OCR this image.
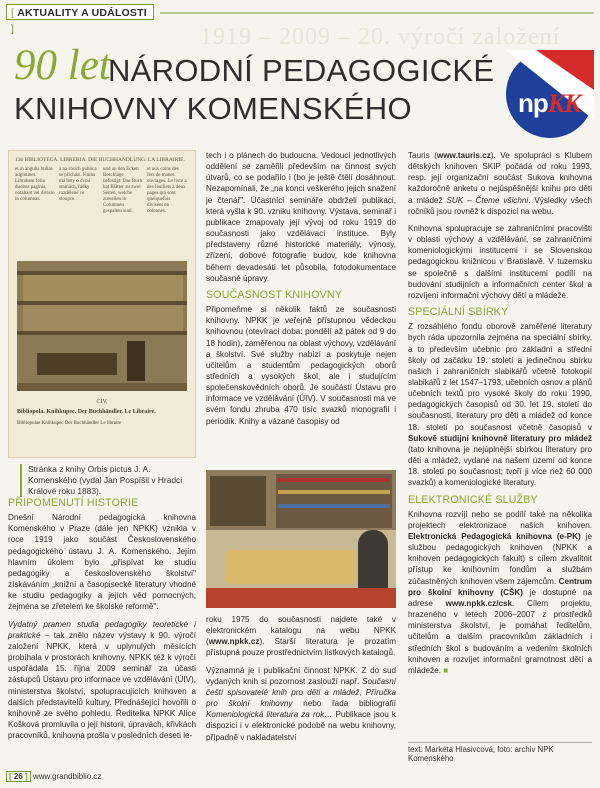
[ AKTUALITY A UDÁLOSTI ]	1919 – 2009 – 20. výročí založení
90 let
NÁRODNÍ PEDAGOGICKÉ
KNIHOVNY KOMENSKÉHO	npKK
136 BIBLIOTECA. LIBRERIA. DIE BUCHHANDLUNG. LA LIBRAIRIE.
et in angulis bullas adglutinet. Librabant folia duobus paginis, notabant vel divisio in columnas.
a na rosich publica se přichází. Kniha má listy o dvou stranách, řádky rozdělené ve sloupce.
und an den Ecken Beschläge befestigt. Das Buch hat Blätter zu zwei Seiten, welche zuweilen in Columnen gespalten sind.
et aux coins des fers de manes ouvrages. Le livre a des feuillets à deux pages qui sont quelquefois divisées en colonnes.
CIV.
Bibliopola. Knihkupec. Der Buchhändler. Le Libraire.
Bibliopolae Knihkupec Der Buchhändler Le libraire
Stránka z knihy Orbis pictus J. A. Komenského (vydal Jan Pospíšil v Hradci Králové roku 1883).
PŘIPOMENUTÍ HISTORIE

Dnešní Národní pedagogická knihovna Komenského v Praze (dále jen NPKK) vznikla v roce 1919 jako součást Československého pedagogického ústavu J. A. Komenského. Jejím hlavním úkolem bylo „přispívat ke studiu pedagogiky a československého školství" získáváním „knižní a časopisecké literatury vhodné ke studiu pedagogiky a jejích věd pomocných, zejména se zřetelem ke školské reformě".

Vydatný pramen studia pedagogiky teoretické i praktické – tak znělo název výstavy k 90. výročí založení NPKK, která v uplynulých měsících probíhala v prostorách knihovny. NPKK též k výročí uspořádala 15. října 2009 seminář za účasti zástupců Ústavu pro informace ve vzdělávání (ÚIV), ministerstva školství, spolupracujících knihoven a dalších představitelů kultury. Přednášející hovořili o knihovně ze svého pohledu. Ředitelka NPKK Alice Košková promluvila o její historii, úpravách, křivkách pracovníků, knihovna prošla v posledních deseti le-

tech i o plánech do budoucna. Vedoucí jednotlivých oddělení se zaměřili především na činnost svých útvarů, co se podařilo i (bo je ještě čtělí dosáhnout. Nezapomínali, že „na konci veškerého jejich snažení je čtenář". Účastníci semináře obdrželi publikaci, která vyšla k 90. vzniku knihovny. Výstava, seminář i publikace zmapovaly její vývoj od roku 1919 do současnosti jako vzdělávací instituce. Byly představeny různé historické materiály, výnosy, zřízení, dobové fotografie budov, kde knihovna během devadesáti let působila, fotodokumentace současné úpravy.

SOUČASNOST KNIHOVNY

Připomeňme si několik faktů ze současnosti knihovny. NPKK je veřejně přístupnou vědeckou knihovnou (otevírací doba: pondělí až pátek od 9 do 18 hodin), zaměřenou na oblast výchovy, vzdělávání a školství. Své služby nabízí a poskytuje nejen učitelům a studentům pedagogických oborů středních a vysokých škol, ale i studujícím společenskovědních oborů. Je součástí Ústavu pro informace ve vzdělávání (ÚIV). V současnosti má ve svém fondu zhruba 470 tisíc svazků monografií i periodik. Knihy a vázané časopisy od

roku 1975 do současnosti najdete také v elektronickém katalogu na webu NPKK (www.npkk.cz). Starší literatura je prozatím přístupná pouze prostřednictvím lístkových katalogů.

Významná je i publikační činnost NPKK. Z do sud vydaných knih si pozornost zaslouží např. Současní čeští spisovatelé knih pro děti a mládež, Příručka pro školní knihovny nebo řada bibliografií Komeniologická literatura za rok… Publikace jsou k dispozici i v elektronické podobě na webu knihovny, případně v nakladatelství

Tauris (www.tauris.cz). Ve spolupráci s Klubem dětských knihoven SKIP počádá od roku 1993, resp. její organizační součást Sukova knihovna každoročně anketu o nejúspěšnější knihu pro děti a mládež SUK – Čteme všichni. Výsledky všech ročníků jsou rovněž k dispozici na webu.

Knihovna spolupracuje se zahraničními pracovišti v oblasti výchovy a vzdělávání, se zahraničními komeniologickými institucemi i se Slovenskou pedagogickou knižnicou v Bratislavě. V tuzemsku se společně s dalšími institucemi podílí na budování studijních a informačních center škol a rozvíjení informační výchovy dětí a mládeže.

SPECIÁLNÍ SBÍRKY

Z rozsáhlého fondu oborově zaměřené literatury bych ráda upozornila zejména na speciální sbírky, a to především učebnic pro základní a střední školy od začátku 19. století a jedinečnou sbírku našich i zahraničních slabikářů včetně fotokopií slabikářů z let 1547–1793, učebních osnov a plánů učebních textů pro vysoké školy do roku 1990, pedagogických časopisů od 30. let 19. století do současnosti, literatury pro děti a mládež od konce 18. století po současnost včetně časopisů v Sukově studijní knihovně literatury pro mládež (tato knihovna je nejúplnější sbírkou literatury pro děti a mládež, vydané na našem území od konce 18. století po současnost; tvoří ji více než 60 000 svazků) a komeniologické literatury.

ELEKTRONICKÉ SLUŽBY

Knihovna rozvíjí nebo se podílí také na několika projektech elektronizace našich knihoven. Elektronická Pedagogická knihovna (e-PK) je službou pedagogických knihoven (NPKK a knihoven pedagogických fakult) s cílem zkvalitnit přístup ke knihovním fondům a službám zúčastněných knihoven všem zájemcům. Centrum pro školní knihovny (CŠK) je dostupné na adrese www.npkk.cz/csk. Cílem projektu, hrazeného v letech 2006–2007 z prostředků ministerstva školství, je pomáhat ředitelům, učitelům a dalším pracovníkům základních i středních škol s budováním a vedením školních knihoven a rozvíjet informační gramotnost dětí a mládeže. ■

text: Markéta Hlasivcová, foto: archiv NPK Komenského
[ 26 ] www.grandbiblio.cz
